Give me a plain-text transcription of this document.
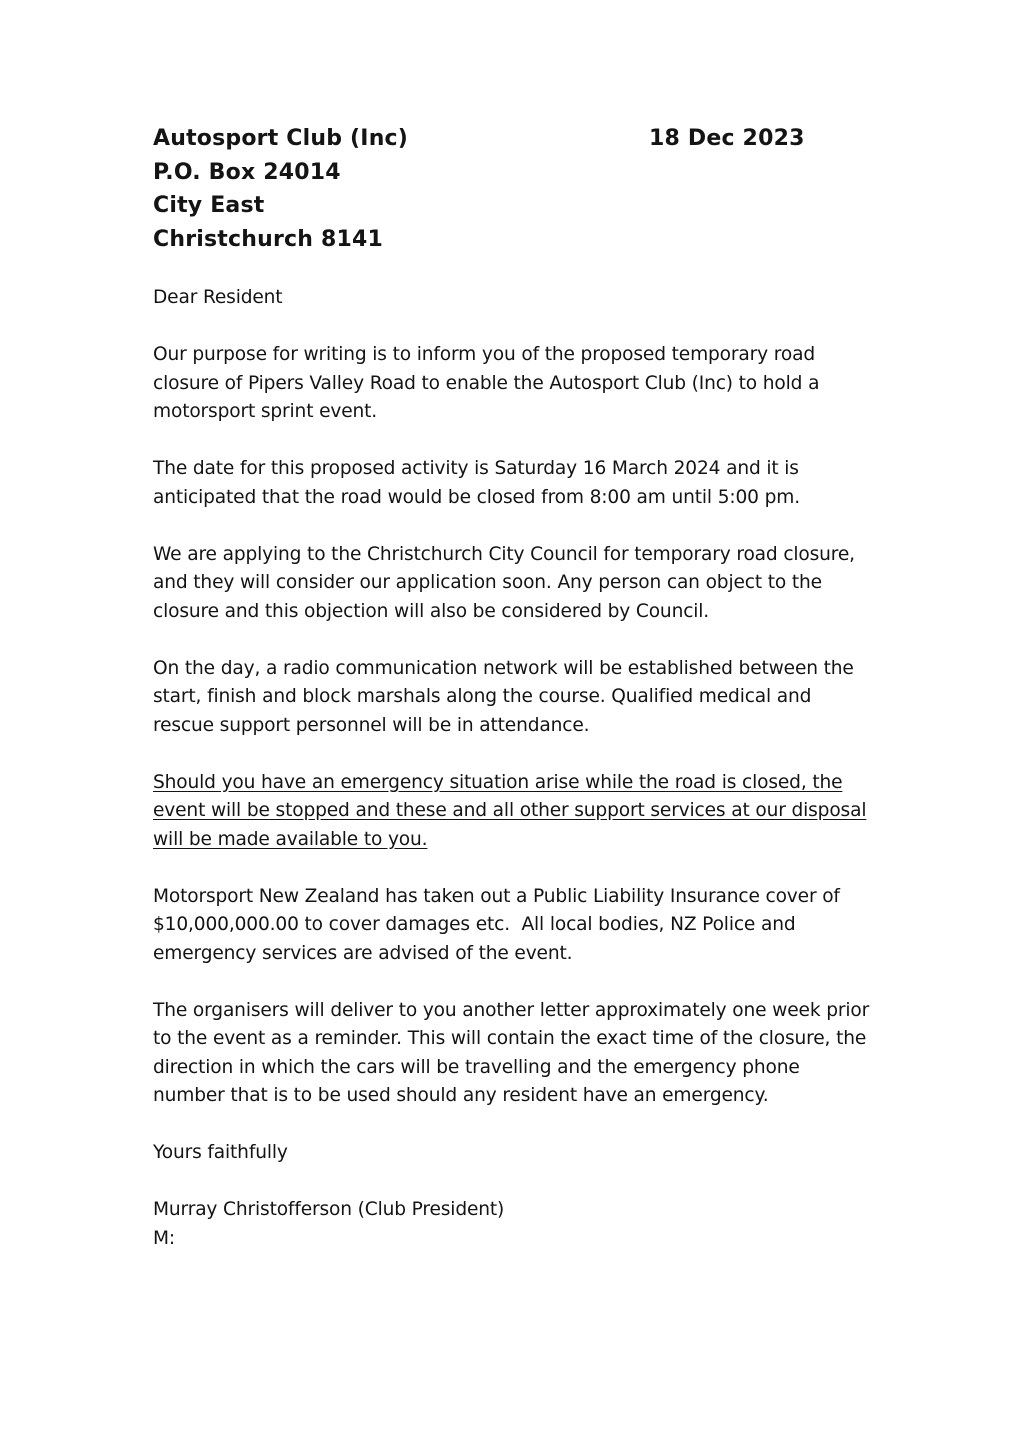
Autosport Club (Inc)
P.O. Box 24014
City East
Christchurch 8141
18 Dec 2023

Dear Resident

Our purpose for writing is to inform you of the proposed temporary road closure of Pipers Valley Road to enable the Autosport Club (Inc) to hold a motorsport sprint event.

The date for this proposed activity is Saturday 16 March 2024 and it is anticipated that the road would be closed from 8:00 am until 5:00 pm.

We are applying to the Christchurch City Council for temporary road closure, and they will consider our application soon. Any person can object to the closure and this objection will also be considered by Council.

On the day, a radio communication network will be established between the start, finish and block marshals along the course. Qualified medical and rescue support personnel will be in attendance.

Should you have an emergency situation arise while the road is closed, the event will be stopped and these and all other support services at our disposal will be made available to you.

Motorsport New Zealand has taken out a Public Liability Insurance cover of $10,000,000.00 to cover damages etc.  All local bodies, NZ Police and emergency services are advised of the event.

The organisers will deliver to you another letter approximately one week prior to the event as a reminder. This will contain the exact time of the closure, the direction in which the cars will be travelling and the emergency phone number that is to be used should any resident have an emergency.

Yours faithfully

Murray Christofferson (Club President)

M:
